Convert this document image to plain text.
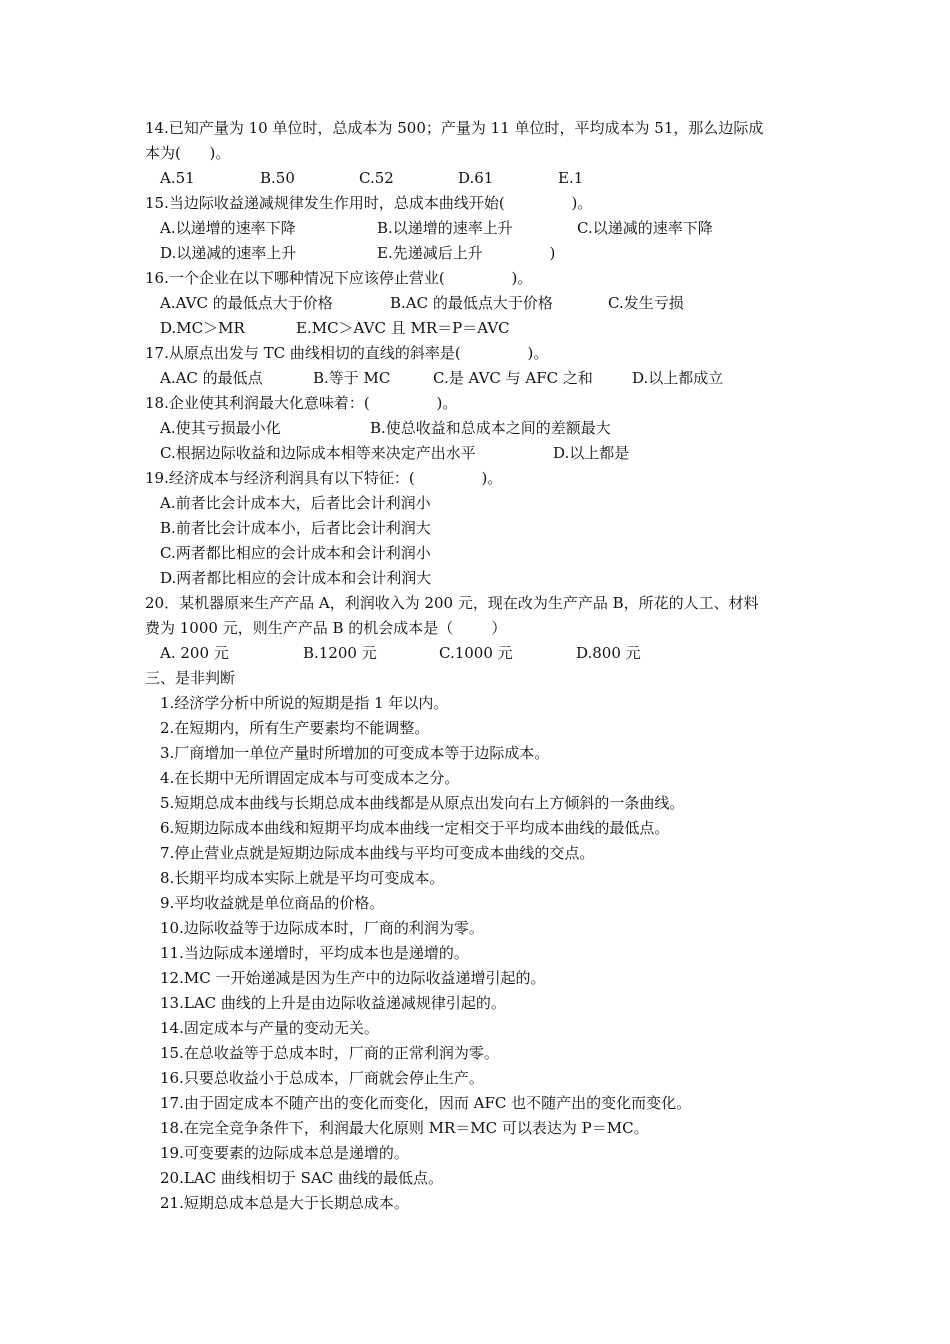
14.已知产量为 10 单位时，总成本为 500；产量为 11 单位时，平均成本为 51，那么边际成
本为(      )。
A.51	B.50	C.52	D.61	E.1
15.当边际收益递减规律发生作用时，总成本曲线开始(              )。
A.以递增的速率下降	B.以递增的速率上升	C.以递减的速率下降
D.以递减的速率上升	E.先递减后上升              )
16.一个企业在以下哪种情况下应该停止营业(              )。
A.AVC 的最低点大于价格	B.AC 的最低点大于价格	C.发生亏损
D.MC＞MR	E.MC＞AVC 且 MR＝P＝AVC
17.从原点出发与 TC 曲线相切的直线的斜率是(              )。
A.AC 的最低点	B.等于 MC	C.是 AVC 与 AFC 之和	D.以上都成立
18.企业使其利润最大化意味着：(              )。
A.使其亏损最小化	B.使总收益和总成本之间的差额最大
C.根据边际收益和边际成本相等来决定产出水平	D.以上都是
19.经济成本与经济利润具有以下特征：(              )。
A.前者比会计成本大，后者比会计利润小
B.前者比会计成本小，后者比会计利润大
C.两者都比相应的会计成本和会计利润小
D.两者都比相应的会计成本和会计利润大
20．某机器原来生产产品 A，利润收入为 200 元，现在改为生产产品 B，所花的人工、材料
费为 1000 元，则生产产品 B 的机会成本是（        ）
A. 200 元	B.1200 元	C.1000 元	D.800 元
三、是非判断
1.经济学分析中所说的短期是指 1 年以内。
2.在短期内，所有生产要素均不能调整。
3.厂商增加一单位产量时所增加的可变成本等于边际成本。
4.在长期中无所谓固定成本与可变成本之分。
5.短期总成本曲线与长期总成本曲线都是从原点出发向右上方倾斜的一条曲线。
6.短期边际成本曲线和短期平均成本曲线一定相交于平均成本曲线的最低点。
7.停止营业点就是短期边际成本曲线与平均可变成本曲线的交点。
8.长期平均成本实际上就是平均可变成本。
9.平均收益就是单位商品的价格。
10.边际收益等于边际成本时，厂商的利润为零。
11.当边际成本递增时，平均成本也是递增的。
12.MC 一开始递减是因为生产中的边际收益递增引起的。
13.LAC 曲线的上升是由边际收益递减规律引起的。
14.固定成本与产量的变动无关。
15.在总收益等于总成本时，厂商的正常利润为零。
16.只要总收益小于总成本，厂商就会停止生产。
17.由于固定成本不随产出的变化而变化，因而 AFC 也不随产出的变化而变化。
18.在完全竞争条件下，利润最大化原则 MR＝MC 可以表达为 P＝MC。
19.可变要素的边际成本总是递增的。
20.LAC 曲线相切于 SAC 曲线的最低点。
21.短期总成本总是大于长期总成本。
